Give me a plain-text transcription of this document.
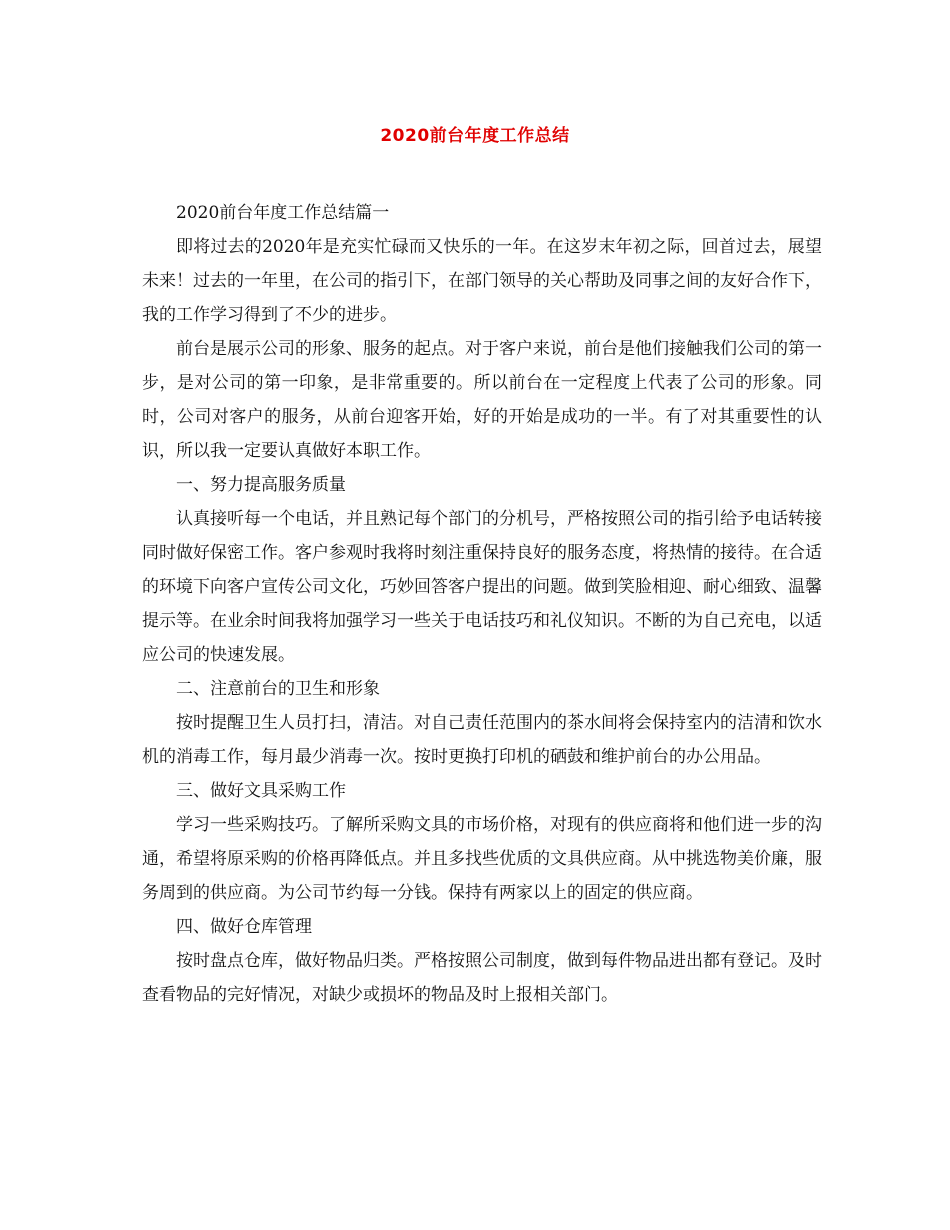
2020前台年度工作总结

2020前台年度工作总结篇一

即将过去的2020年是充实忙碌而又快乐的一年。在这岁末年初之际，回首过去，展望未来！过去的一年里，在公司的指引下，在部门领导的关心帮助及同事之间的友好合作下，我的工作学习得到了不少的进步。

前台是展示公司的形象、服务的起点。对于客户来说，前台是他们接触我们公司的第一步，是对公司的第一印象，是非常重要的。所以前台在一定程度上代表了公司的形象。同时，公司对客户的服务，从前台迎客开始，好的开始是成功的一半。有了对其重要性的认识，所以我一定要认真做好本职工作。

一、努力提高服务质量

认真接听每一个电话，并且熟记每个部门的分机号，严格按照公司的指引给予电话转接同时做好保密工作。客户参观时我将时刻注重保持良好的服务态度，将热情的接待。在合适的环境下向客户宣传公司文化，巧妙回答客户提出的问题。做到笑脸相迎、耐心细致、温馨提示等。在业余时间我将加强学习一些关于电话技巧和礼仪知识。不断的为自己充电，以适应公司的快速发展。

二、注意前台的卫生和形象

按时提醒卫生人员打扫，清洁。对自己责任范围内的茶水间将会保持室内的洁清和饮水机的消毒工作，每月最少消毒一次。按时更换打印机的硒鼓和维护前台的办公用品。

三、做好文具采购工作

学习一些采购技巧。了解所采购文具的市场价格，对现有的供应商将和他们进一步的沟通，希望将原采购的价格再降低点。并且多找些优质的文具供应商。从中挑选物美价廉，服务周到的供应商。为公司节约每一分钱。保持有两家以上的固定的供应商。

四、做好仓库管理

按时盘点仓库，做好物品归类。严格按照公司制度，做到每件物品进出都有登记。及时查看物品的完好情况，对缺少或损坏的物品及时上报相关部门。
